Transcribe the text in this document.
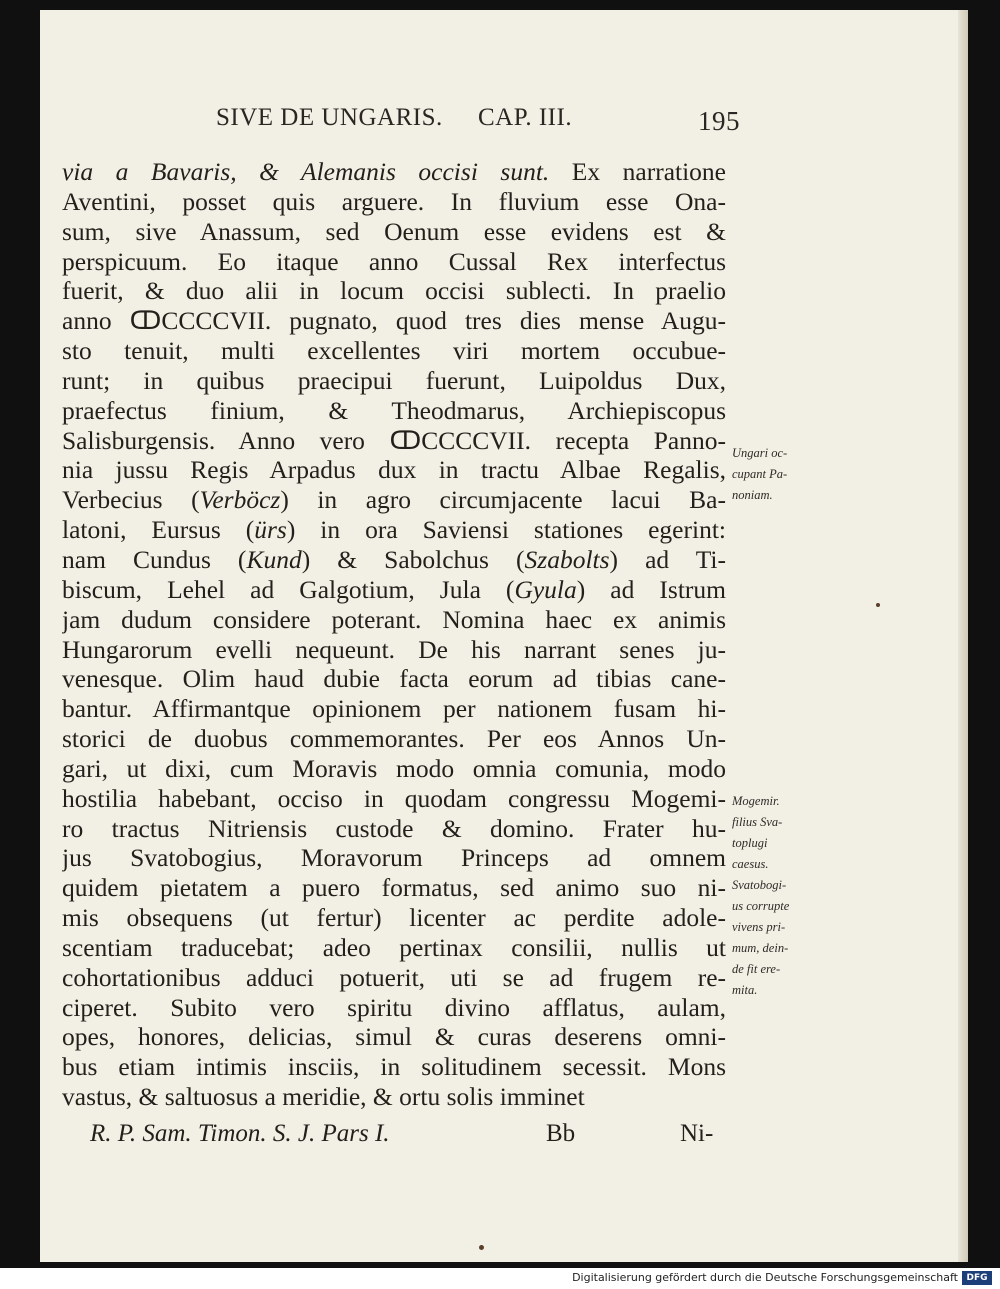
SIVE DE UNGARIS. CAP. III.	195
via a Bavaris, & Alemanis occisi sunt. Ex narratione
Aventini, posset quis arguere. In fluvium esse Ona-
sum, sive Anassum, sed Oenum esse evidens est &
perspicuum. Eo itaque anno Cussal Rex interfectus
fuerit, & duo alii in locum occisi sublecti. In praelio
anno ↀCCCCVII. pugnato, quod tres dies mense Augu-
sto tenuit, multi excellentes viri mortem occubue-
runt; in quibus praecipui fuerunt, Luipoldus Dux,
praefectus finium, & Theodmarus, Archiepiscopus
Salisburgensis. Anno vero ↀCCCCVII. recepta Panno-
nia jussu Regis Arpadus dux in tractu Albae Regalis,
Verbecius (Verböcz) in agro circumjacente lacui Ba-
latoni, Eursus (ürs) in ora Saviensi stationes egerint:
nam Cundus (Kund) & Sabolchus (Szabolts) ad Ti-
biscum, Lehel ad Galgotium, Jula (Gyula) ad Istrum
jam dudum considere poterant. Nomina haec ex animis
Hungarorum evelli nequeunt. De his narrant senes ju-
venesque. Olim haud dubie facta eorum ad tibias cane-
bantur. Affirmantque opinionem per nationem fusam hi-
storici de duobus commemorantes. Per eos Annos Un-
gari, ut dixi, cum Moravis modo omnia comunia, modo
hostilia habebant, occiso in quodam congressu Mogemi-
ro tractus Nitriensis custode & domino. Frater hu-
jus Svatobogius, Moravorum Princeps ad omnem
quidem pietatem a puero formatus, sed animo suo ni-
mis obsequens (ut fertur) licenter ac perdite adole-
scentiam traducebat; adeo pertinax consilii, nullis ut
cohortationibus adduci potuerit, uti se ad frugem re-
ciperet. Subito vero spiritu divino afflatus, aulam,
opes, honores, delicias, simul & curas deserens omni-
bus etiam intimis insciis, in solitudinem secessit. Mons
vastus, & saltuosus a meridie, & ortu solis imminet
Ungari oc-
cupant Pa-
noniam.
Mogemir.
filius Sva-
toplugi
caesus.
Svatobogi-
us corrupte
vivens pri-
mum, dein-
de fit ere-
mita.
R. P. Sam. Timon. S. J. Pars I.	Bb	Ni-
Digitalisierung gefördert durch die Deutsche Forschungsgemeinschaft DFG
